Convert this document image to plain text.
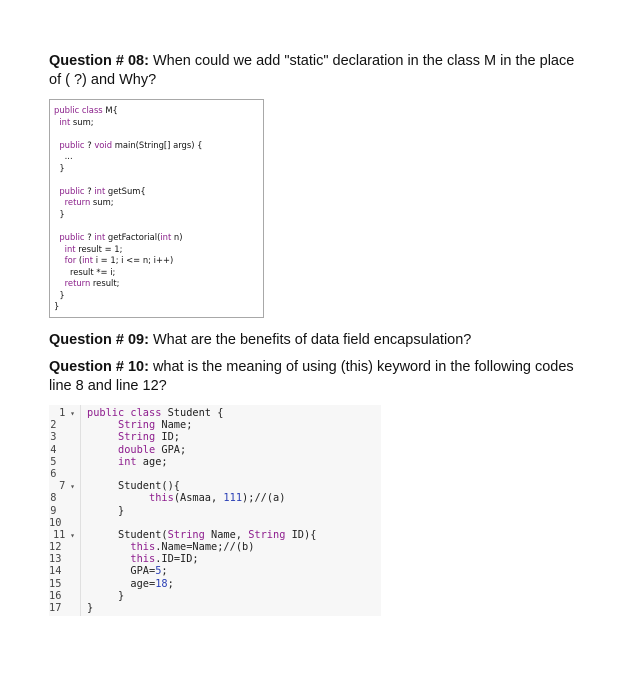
Question # 08: When could we add "static" declaration in the class M in the place of ( ?) and Why?

public class M{
int sum;
public ? void main(String[] args) {
...
}
public ? int getSum{
return sum;
}
public ? int getFactorial(int n)
int result = 1;
for (int i = 1; i <= n; i++)
result *= i;
return result;
}
}

Question # 09: What are the benefits of data field encapsulation?

Question # 10: what is the meaning of using (this) keyword in the following codes line 8 and line 12?

1 ▾
2
3
4
5
6
7 ▾
8
9
10
11 ▾
12
13
14
15
16
17
public class Student {
String Name;
String ID;
double GPA;
int age;
Student(){
this(Asmaa, 111);//(a)
}
Student(String Name, String ID){
this.Name=Name;//(b)
this.ID=ID;
GPA=5;
age=18;
}
}
